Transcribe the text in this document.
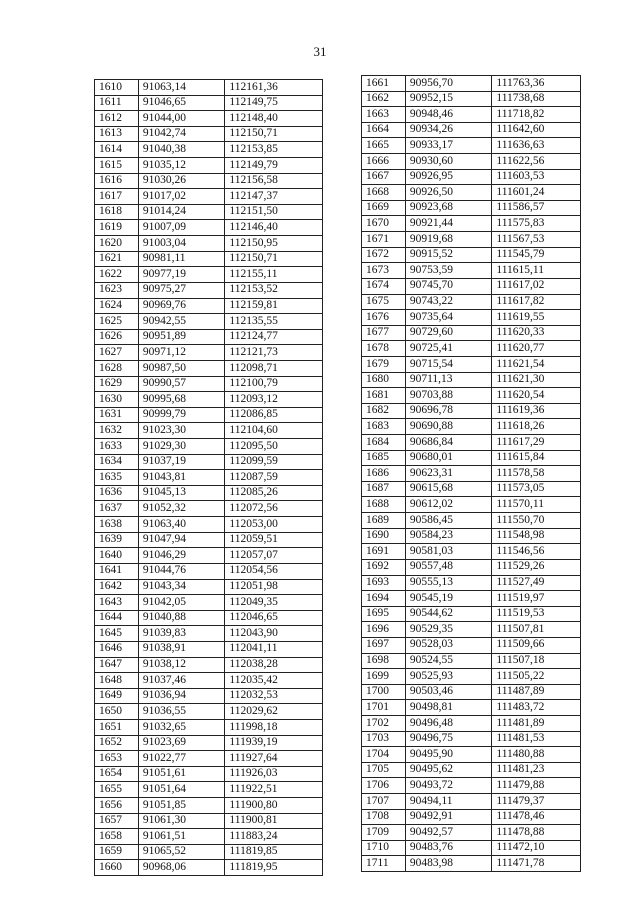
31
1610	91063,14	112161,36
1611	91046,65	112149,75
1612	91044,00	112148,40
1613	91042,74	112150,71
1614	91040,38	112153,85
1615	91035,12	112149,79
1616	91030,26	112156,58
1617	91017,02	112147,37
1618	91014,24	112151,50
1619	91007,09	112146,40
1620	91003,04	112150,95
1621	90981,11	112150,71
1622	90977,19	112155,11
1623	90975,27	112153,52
1624	90969,76	112159,81
1625	90942,55	112135,55
1626	90951,89	112124,77
1627	90971,12	112121,73
1628	90987,50	112098,71
1629	90990,57	112100,79
1630	90995,68	112093,12
1631	90999,79	112086,85
1632	91023,30	112104,60
1633	91029,30	112095,50
1634	91037,19	112099,59
1635	91043,81	112087,59
1636	91045,13	112085,26
1637	91052,32	112072,56
1638	91063,40	112053,00
1639	91047,94	112059,51
1640	91046,29	112057,07
1641	91044,76	112054,56
1642	91043,34	112051,98
1643	91042,05	112049,35
1644	91040,88	112046,65
1645	91039,83	112043,90
1646	91038,91	112041,11
1647	91038,12	112038,28
1648	91037,46	112035,42
1649	91036,94	112032,53
1650	91036,55	112029,62
1651	91032,65	111998,18
1652	91023,69	111939,19
1653	91022,77	111927,64
1654	91051,61	111926,03
1655	91051,64	111922,51
1656	91051,85	111900,80
1657	91061,30	111900,81
1658	91061,51	111883,24
1659	91065,52	111819,85
1660	90968,06	111819,95
1661	90956,70	111763,36
1662	90952,15	111738,68
1663	90948,46	111718,82
1664	90934,26	111642,60
1665	90933,17	111636,63
1666	90930,60	111622,56
1667	90926,95	111603,53
1668	90926,50	111601,24
1669	90923,68	111586,57
1670	90921,44	111575,83
1671	90919,68	111567,53
1672	90915,52	111545,79
1673	90753,59	111615,11
1674	90745,70	111617,02
1675	90743,22	111617,82
1676	90735,64	111619,55
1677	90729,60	111620,33
1678	90725,41	111620,77
1679	90715,54	111621,54
1680	90711,13	111621,30
1681	90703,88	111620,54
1682	90696,78	111619,36
1683	90690,88	111618,26
1684	90686,84	111617,29
1685	90680,01	111615,84
1686	90623,31	111578,58
1687	90615,68	111573,05
1688	90612,02	111570,11
1689	90586,45	111550,70
1690	90584,23	111548,98
1691	90581,03	111546,56
1692	90557,48	111529,26
1693	90555,13	111527,49
1694	90545,19	111519,97
1695	90544,62	111519,53
1696	90529,35	111507,81
1697	90528,03	111509,66
1698	90524,55	111507,18
1699	90525,93	111505,22
1700	90503,46	111487,89
1701	90498,81	111483,72
1702	90496,48	111481,89
1703	90496,75	111481,53
1704	90495,90	111480,88
1705	90495,62	111481,23
1706	90493,72	111479,88
1707	90494,11	111479,37
1708	90492,91	111478,46
1709	90492,57	111478,88
1710	90483,76	111472,10
1711	90483,98	111471,78
